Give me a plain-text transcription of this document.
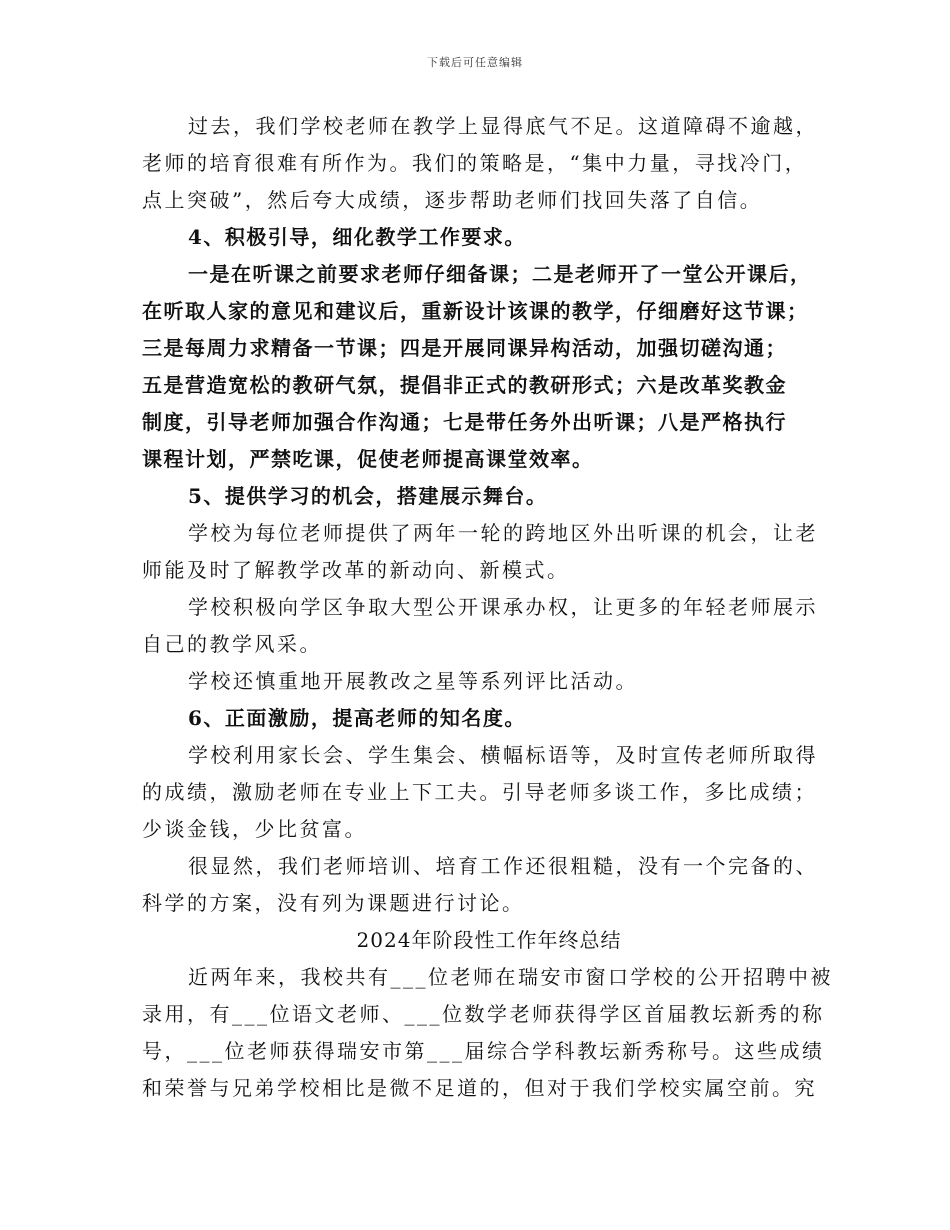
下载后可任意编辑
过去，我们学校老师在教学上显得底气不足。这道障碍不逾越，
老师的培育很难有所作为。我们的策略是，“集中力量，寻找冷门，
点上突破”，然后夸大成绩，逐步帮助老师们找回失落了自信。
4、积极引导，细化教学工作要求。
一是在听课之前要求老师仔细备课；二是老师开了一堂公开课后，
在听取人家的意见和建议后，重新设计该课的教学，仔细磨好这节课；
三是每周力求精备一节课；四是开展同课异构活动，加强切磋沟通；
五是营造宽松的教研气氛，提倡非正式的教研形式；六是改革奖教金
制度，引导老师加强合作沟通；七是带任务外出听课；八是严格执行
课程计划，严禁吃课，促使老师提高课堂效率。
5、提供学习的机会，搭建展示舞台。
学校为每位老师提供了两年一轮的跨地区外出听课的机会，让老
师能及时了解教学改革的新动向、新模式。
学校积极向学区争取大型公开课承办权，让更多的年轻老师展示
自己的教学风采。
学校还慎重地开展教改之星等系列评比活动。
6、正面激励，提高老师的知名度。
学校利用家长会、学生集会、横幅标语等，及时宣传老师所取得
的成绩，激励老师在专业上下工夫。引导老师多谈工作，多比成绩；
少谈金钱，少比贫富。
很显然，我们老师培训、培育工作还很粗糙，没有一个完备的、
科学的方案，没有列为课题进行讨论。
2024年阶段性工作年终总结
近两年来，我校共有___位老师在瑞安市窗口学校的公开招聘中被
录用，有___位语文老师、___位数学老师获得学区首届教坛新秀的称
号，___位老师获得瑞安市第___届综合学科教坛新秀称号。这些成绩
和荣誉与兄弟学校相比是微不足道的，但对于我们学校实属空前。究
